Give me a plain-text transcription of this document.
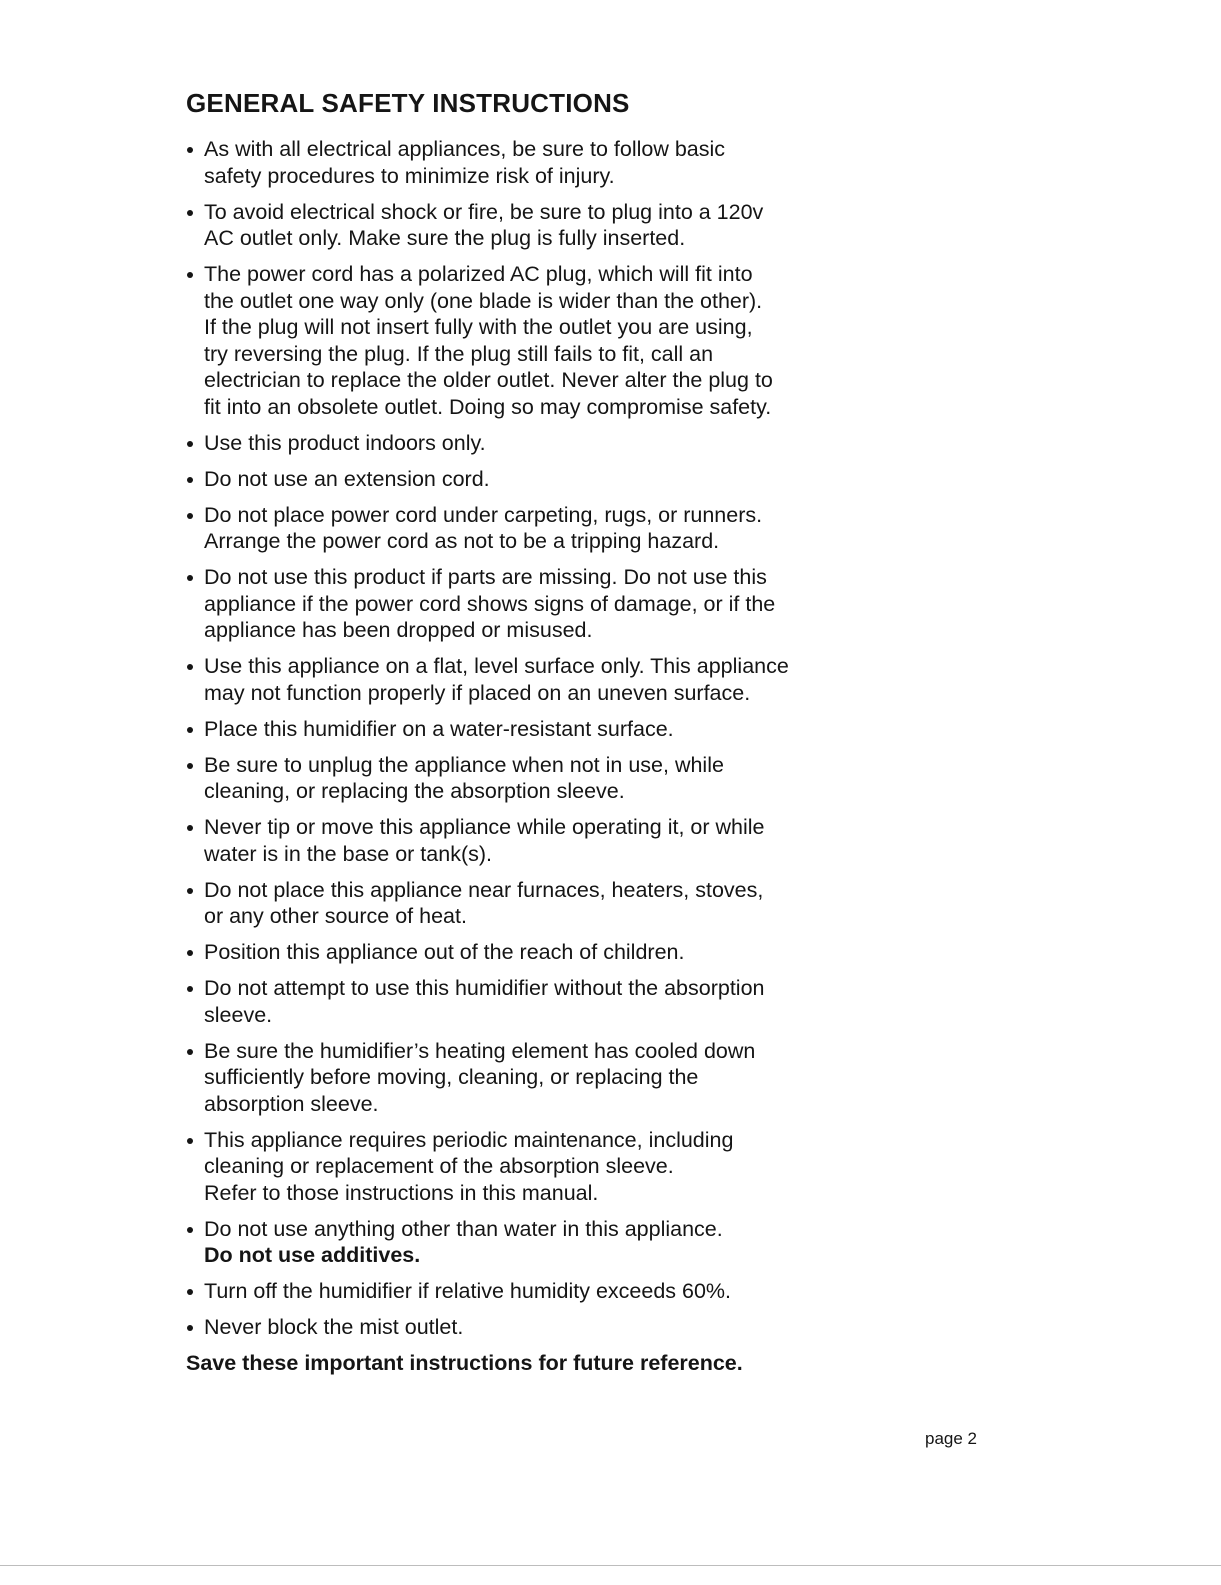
GENERAL SAFETY INSTRUCTIONS
As with all electrical appliances, be sure to follow basic
safety procedures to minimize risk of injury.
To avoid electrical shock or fire, be sure to plug into a 120v
AC outlet only. Make sure the plug is fully inserted.
The power cord has a polarized AC plug, which will fit into
the outlet one way only (one blade is wider than the other).
If the plug will not insert fully with the outlet you are using,
try reversing the plug. If the plug still fails to fit, call an
electrician to replace the older outlet. Never alter the plug to
fit into an obsolete outlet. Doing so may compromise safety.
Use this product indoors only.
Do not use an extension cord.
Do not place power cord under carpeting, rugs, or runners.
Arrange the power cord as not to be a tripping hazard.
Do not use this product if parts are missing. Do not use this
appliance if the power cord shows signs of damage, or if the
appliance has been dropped or misused.
Use this appliance on a flat, level surface only. This appliance
may not function properly if placed on an uneven surface.
Place this humidifier on a water-resistant surface.
Be sure to unplug the appliance when not in use, while
cleaning, or replacing the absorption sleeve.
Never tip or move this appliance while operating it, or while
water is in the base or tank(s).
Do not place this appliance near furnaces, heaters, stoves,
or any other source of heat.
Position this appliance out of the reach of children.
Do not attempt to use this humidifier without the absorption
sleeve.
Be sure the humidifier’s heating element has cooled down
sufficiently before moving, cleaning, or replacing the
absorption sleeve.
This appliance requires periodic maintenance, including
cleaning or replacement of the absorption sleeve.
Refer to those instructions in this manual.
Do not use anything other than water in this appliance.
Do not use additives.
Turn off the humidifier if relative humidity exceeds 60%.
Never block the mist outlet.
Save these important instructions for future reference.
page 2
